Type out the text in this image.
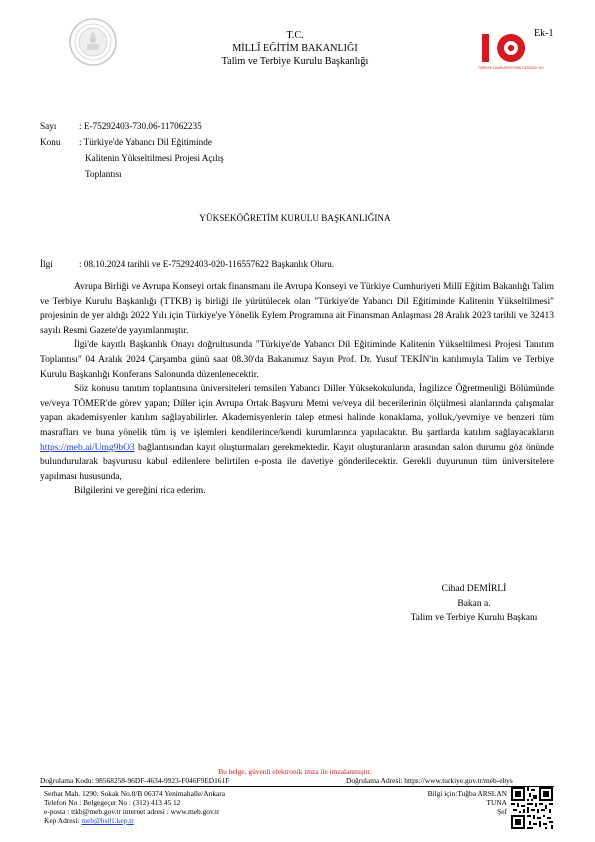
T.C.
MİLLÎ EĞİTİM BAKANLIĞI
Talim ve Terbiye Kurulu Başkanlığı
TÜRKİYE CUMHURİYETİ'NİN YÜZÜNCÜ YILI
Ek-1
Sayı : E-75292403-730.06-117062235
Konu : Türkiye'de Yabancı Dil Eğitiminde
Kalitenin Yükseltilmesi Projesi Açılış
Toplantısı
YÜKSEKÖĞRETİM KURULU BAŞKANLIĞINA
İlgi	: 08.10.2024 tarihli ve E-75292403-020-116557622 Başkanlık Oluru.

Avrupa Birliği ve Avrupa Konseyi ortak finansmanı ile Avrupa Konseyi ve Türkiye Cumhuriyeti Millî Eğitim Bakanlığı Talim ve Terbiye Kurulu Başkanlığı (TTKB) iş birliği ile yürütülecek olan "Türkiye'de Yabancı Dil Eğitiminde Kalitenin Yükseltilmesi" projesinin de yer aldığı 2022 Yılı için Türkiye'ye Yönelik Eylem Programına ait Finansman Anlaşması 28 Aralık 2023 tarihli ve 32413 sayılı Resmi Gazete'de yayımlanmıştır.

İlgi'de kayıtlı Başkanlık Onayı doğrultusunda "Türkiye'de Yabancı Dil Eğitiminde Kalitenin Yükseltilmesi Projesi Tanıtım Toplantısı" 04 Aralık 2024 Çarşamba günü saat 08.30'da Bakanımız Sayın Prof. Dr. Yusuf TEKİN'in katılımıyla Talim ve Terbiye Kurulu Başkanlığı Konferans Salonunda düzenlenecektir.

Söz konusu tanıtım toplantısına üniversiteleri temsilen Yabancı Diller Yüksekokulunda, İngilizce Öğretmenliği Bölümünde ve/veya TÖMER'de görev yapan; Diller için Avrupa Ortak Başvuru Metni ve/veya dil becerilerinin ölçülmesi alanlarında çalışmalar yapan akademisyenler katılım sağlayabilirler. Akademisyenlerin talep etmesi halinde konaklama, yolluk,/yevmiye ve benzeri tüm masrafları ve buna yönelik tüm iş ve işlemleri kendilerince/kendi kurumlarınca yapılacaktır. Bu şartlarda katılım sağlayacakların https://meb.ai/Umg9bO3 bağlantısından kayıt oluşturmaları gerekmektedir. Kayıt oluşturanların arasından salon durumu göz önünde bulundurularak başvurusu kabul edilenlere belirtilen e-posta ile davetiye gönderilecektir. Gerekli duyurunun tüm üniversitelere yapılması hususunda,

Bilgilerini ve gereğini rica ederim.

Cihad DEMİRLİ
Bakan a.
Talim ve Terbiye Kurulu Başkanı
Bu belge, güvenli elektronik imza ile imzalanmıştır.
Doğrulama Kodu: 98568258-96DF-4634-9923-F046F9ED161F	Doğrulama Adresi: https://www.turkiye.gov.tr/meb-ebys
Serhat Mah. 1290. Sokak No.8/B 06374 Yenimahalle/Ankara
Telefon No : Belgegeçer No : (312) 413 45 12
e-posta : ttkb@meb.gov.tr internet adresi : www.meb.gov.tr
Kep Adresi: meb@hs01.kep.tr
Bilgi için:Tuğba ARSLAN
TUNA
Şef
